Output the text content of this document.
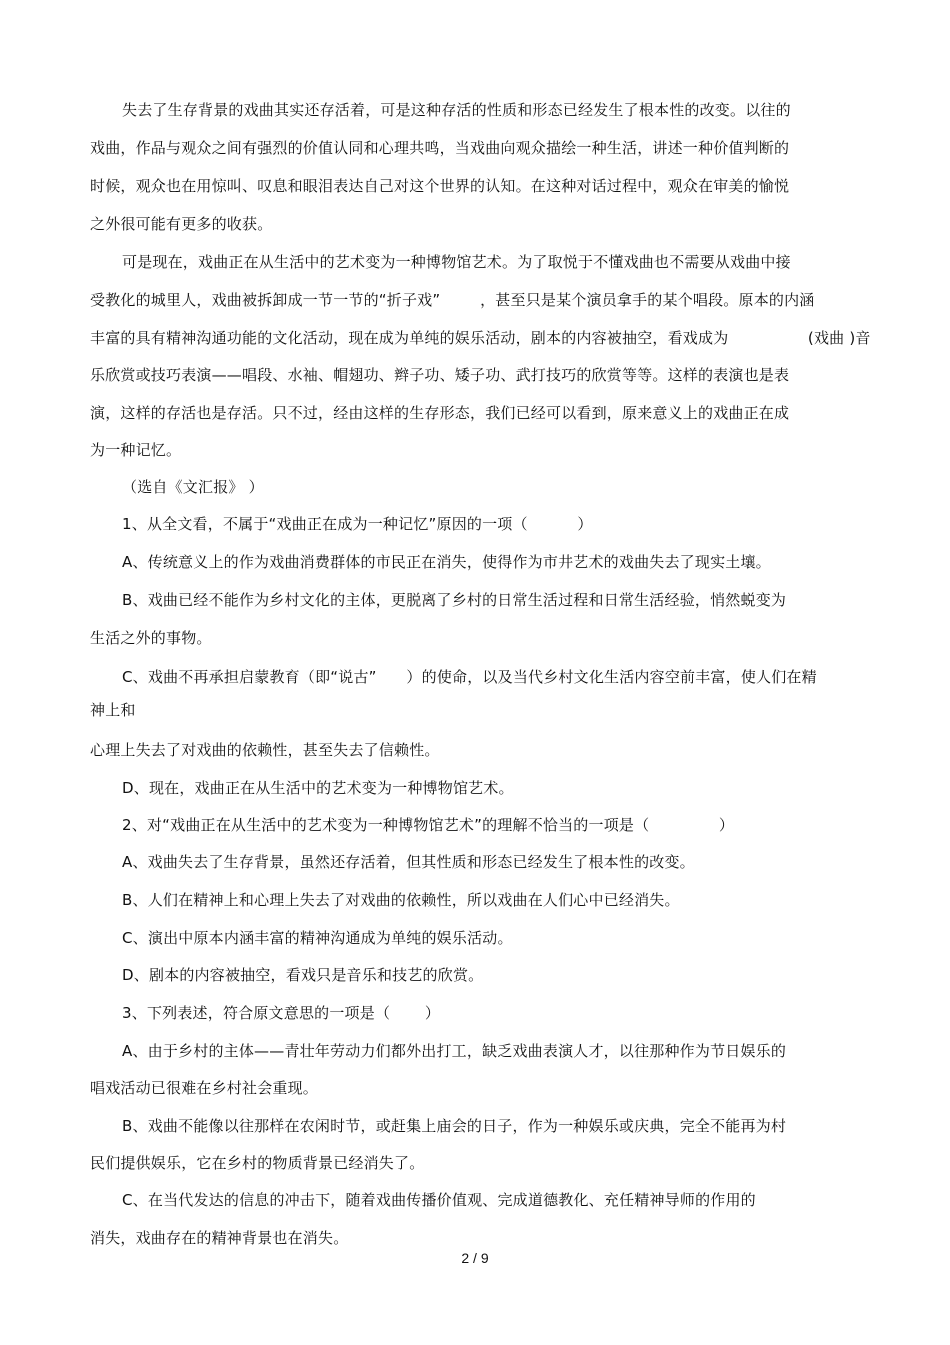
失去了生存背景的戏曲其实还存活着，可是这种存活的性质和形态已经发生了根本性的改变。以往的
戏曲，作品与观众之间有强烈的价值认同和心理共鸣，当戏曲向观众描绘一种生活，讲述一种价值判断的
时候，观众也在用惊叫、叹息和眼泪表达自己对这个世界的认知。在这种对话过程中，观众在审美的愉悦
之外很可能有更多的收获。
可是现在，戏曲正在从生活中的艺术变为一种博物馆艺术。为了取悦于不懂戏曲也不需要从戏曲中接
受教化的城里人，戏曲被拆卸成一节一节的“折子戏”        ，甚至只是某个演员拿手的某个唱段。原本的内涵
丰富的具有精神沟通功能的文化活动，现在成为单纯的娱乐活动，剧本的内容被抽空，看戏成为                (戏曲 )音
乐欣赏或技巧表演——唱段、水袖、帽翅功、辫子功、矮子功、武打技巧的欣赏等等。这样的表演也是表
演，这样的存活也是存活。只不过，经由这样的生存形态，我们已经可以看到，原来意义上的戏曲正在成
为一种记忆。
（选自《文汇报》 ）
1、从全文看，不属于“戏曲正在成为一种记忆”原因的一项（          ）
A、传统意义上的作为戏曲消费群体的市民正在消失，使得作为市井艺术的戏曲失去了现实土壤。
B、戏曲已经不能作为乡村文化的主体，更脱离了乡村的日常生活过程和日常生活经验，悄然蜕变为
生活之外的事物。
C、戏曲不再承担启蒙教育（即“说古”      ）的使命，以及当代乡村文化生活内容空前丰富，使人们在精
神上和
心理上失去了对戏曲的依赖性，甚至失去了信赖性。
D、现在，戏曲正在从生活中的艺术变为一种博物馆艺术。
2、对“戏曲正在从生活中的艺术变为一种博物馆艺术”的理解不恰当的一项是（              ）
A、戏曲失去了生存背景，虽然还存活着，但其性质和形态已经发生了根本性的改变。
B、人们在精神上和心理上失去了对戏曲的依赖性，所以戏曲在人们心中已经消失。
C、演出中原本内涵丰富的精神沟通成为单纯的娱乐活动。
D、剧本的内容被抽空，看戏只是音乐和技艺的欣赏。
3、下列表述，符合原文意思的一项是（       ）
A、由于乡村的主体——青壮年劳动力们都外出打工，缺乏戏曲表演人才，以往那种作为节日娱乐的
唱戏活动已很难在乡村社会重现。
B、戏曲不能像以往那样在农闲时节，或赶集上庙会的日子，作为一种娱乐或庆典，完全不能再为村
民们提供娱乐，它在乡村的物质背景已经消失了。
C、在当代发达的信息的冲击下，随着戏曲传播价值观、完成道德教化、充任精神导师的作用的
消失，戏曲存在的精神背景也在消失。
2 / 9
